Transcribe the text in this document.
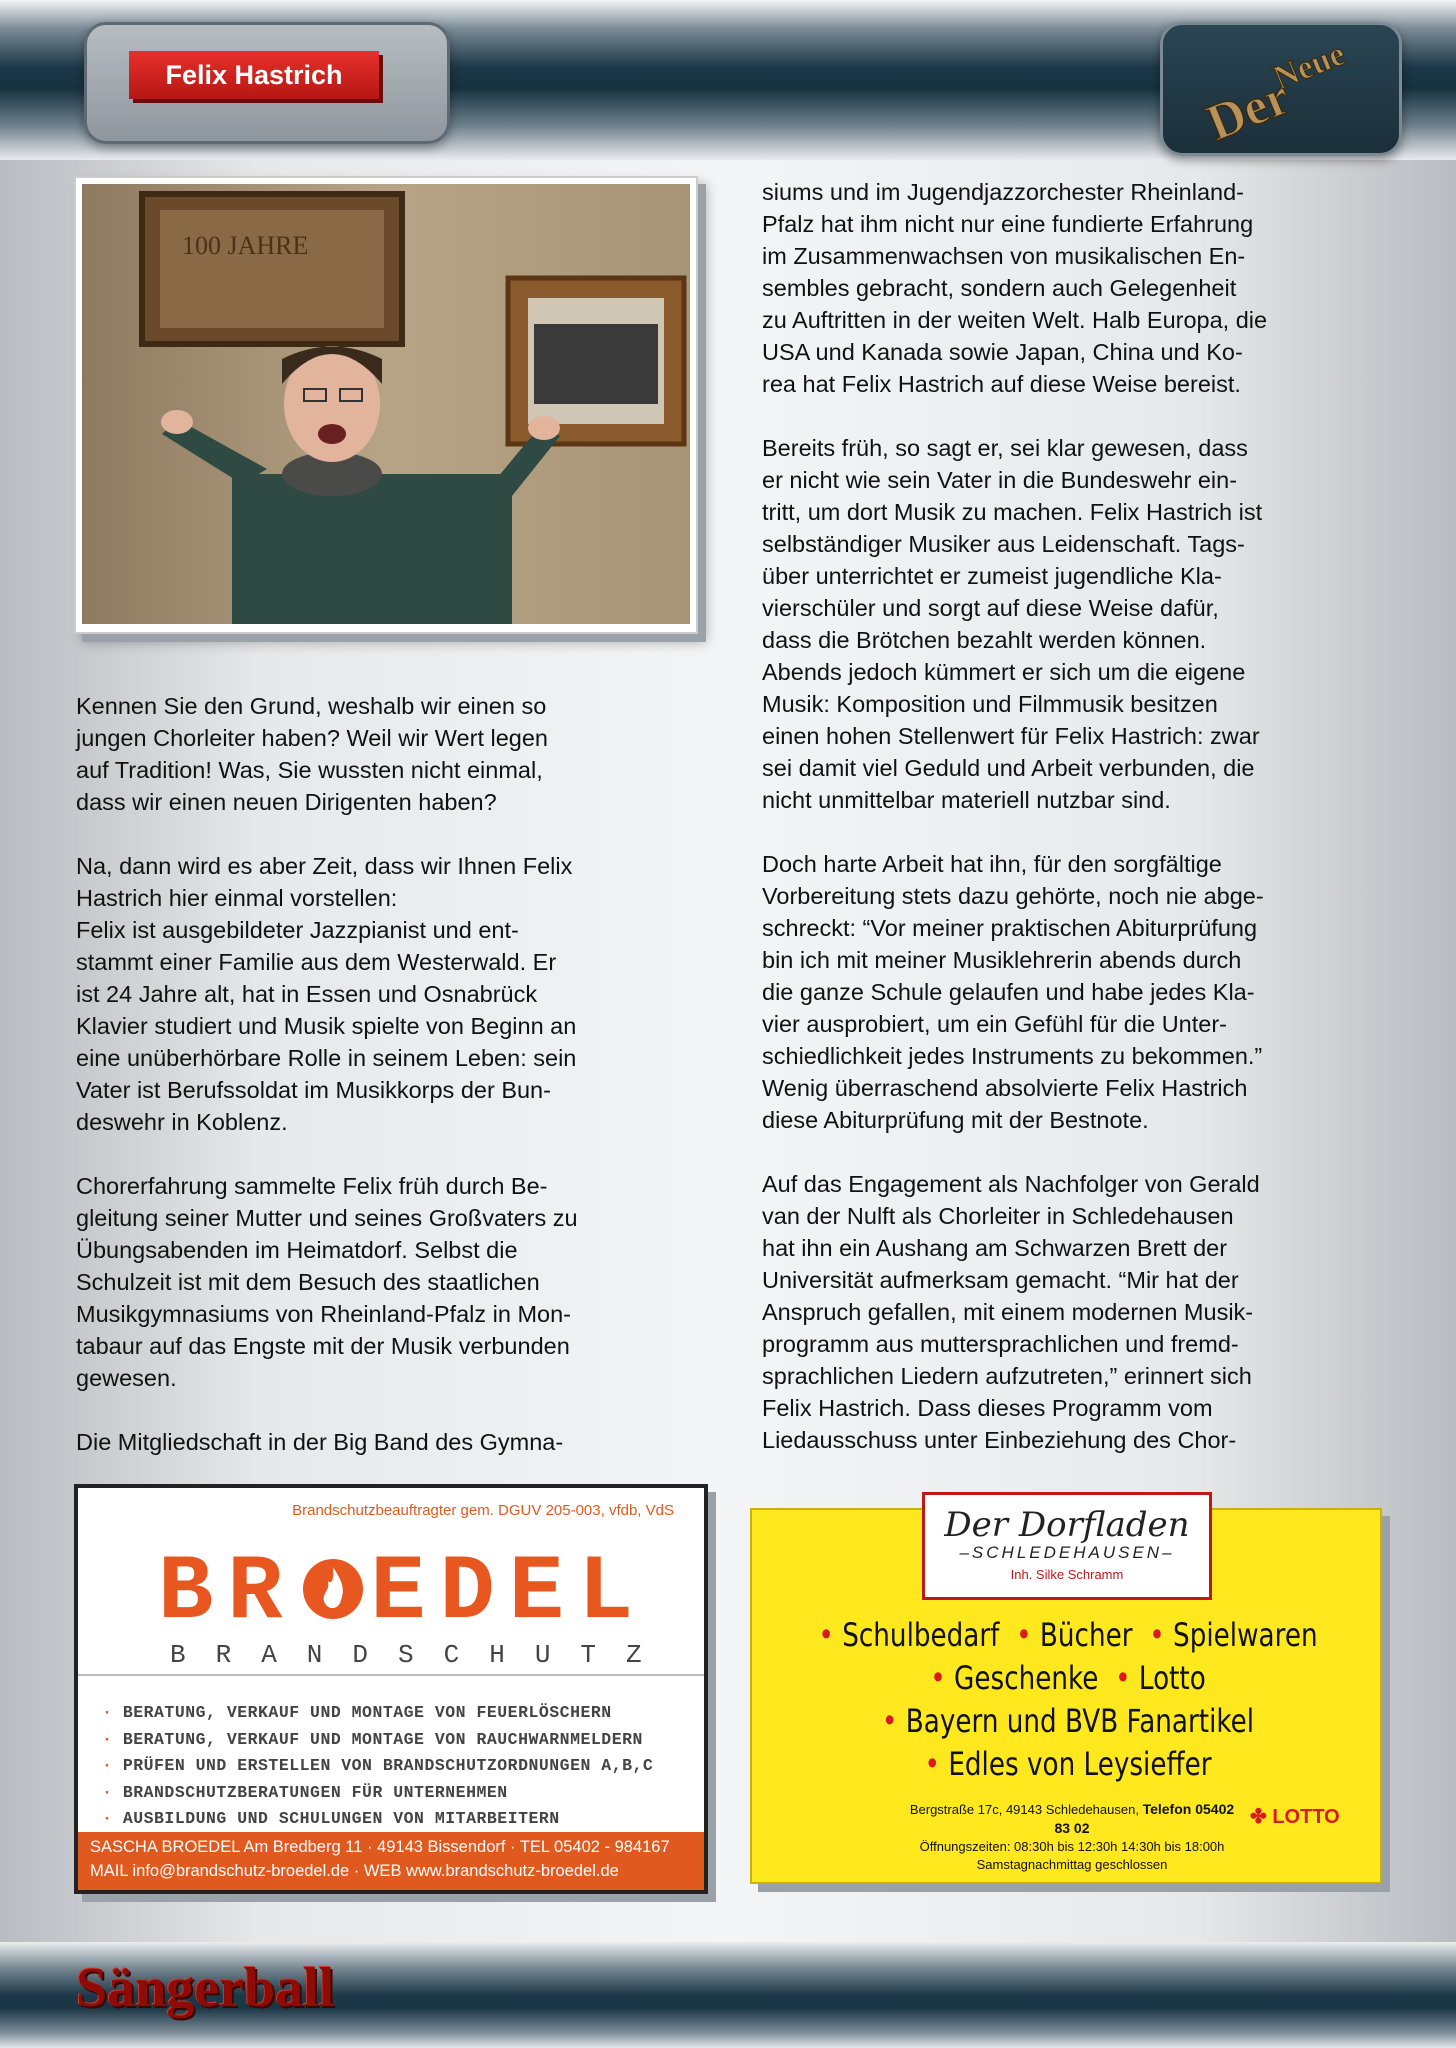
Felix Hastrich	Der
Neue
100 JAHRE

Kennen Sie den Grund, weshalb wir einen so
jungen Chorleiter haben? Weil wir Wert legen
auf Tradition! Was, Sie wussten nicht einmal,
dass wir einen neuen Dirigenten haben?

Na, dann wird es aber Zeit, dass wir Ihnen Felix
Hastrich hier einmal vorstellen:
Felix ist ausgebildeter Jazzpianist und ent-
stammt einer Familie aus dem Westerwald. Er
ist 24 Jahre alt, hat in Essen und Osnabrück
Klavier studiert und Musik spielte von Beginn an
eine unüberhörbare Rolle in seinem Leben: sein
Vater ist Berufssoldat im Musikkorps der Bun-
deswehr in Koblenz.

Chorerfahrung sammelte Felix früh durch Be-
gleitung seiner Mutter und seines Großvaters zu
Übungsabenden im Heimatdorf. Selbst die
Schulzeit ist mit dem Besuch des staatlichen
Musikgymnasiums von Rheinland-Pfalz in Mon-
tabaur auf das Engste mit der Musik verbunden
gewesen.

Die Mitgliedschaft in der Big Band des Gymna-

siums und im Jugendjazzorchester Rheinland-
Pfalz hat ihm nicht nur eine fundierte Erfahrung
im Zusammenwachsen von musikalischen En-
sembles gebracht, sondern auch Gelegenheit
zu Auftritten in der weiten Welt. Halb Europa, die
USA und Kanada sowie Japan, China und Ko-
rea hat Felix Hastrich auf diese Weise bereist.

Bereits früh, so sagt er, sei klar gewesen, dass
er nicht wie sein Vater in die Bundeswehr ein-
tritt, um dort Musik zu machen. Felix Hastrich ist
selbständiger Musiker aus Leidenschaft. Tags-
über unterrichtet er zumeist jugendliche Kla-
vierschüler und sorgt auf diese Weise dafür,
dass die Brötchen bezahlt werden können.
Abends jedoch kümmert er sich um die eigene
Musik: Komposition und Filmmusik besitzen
einen hohen Stellenwert für Felix Hastrich: zwar
sei damit viel Geduld und Arbeit verbunden, die
nicht unmittelbar materiell nutzbar sind.

Doch harte Arbeit hat ihn, für den sorgfältige
Vorbereitung stets dazu gehörte, noch nie abge-
schreckt: “Vor meiner praktischen Abiturprüfung
bin ich mit meiner Musiklehrerin abends durch
die ganze Schule gelaufen und habe jedes Kla-
vier ausprobiert, um ein Gefühl für die Unter-
schiedlichkeit jedes Instruments zu bekommen.”
Wenig überraschend absolvierte Felix Hastrich
diese Abiturprüfung mit der Bestnote.

Auf das Engagement als Nachfolger von Gerald
van der Nulft als Chorleiter in Schledehausen
hat ihn ein Aushang am Schwarzen Brett der
Universität aufmerksam gemacht. “Mir hat der
Anspruch gefallen, mit einem modernen Musik-
programm aus muttersprachlichen und fremd-
sprachlichen Liedern aufzutreten,” erinnert sich
Felix Hastrich. Dass dieses Programm vom
Liedausschuss unter Einbeziehung des Chor-

Brandschutzbeauftragter gem. DGUV 205-003, vfdb, VdS
BR EDEL
BRANDSCHUTZ
· BERATUNG, VERKAUF UND MONTAGE VON FEUERLÖSCHERN
· BERATUNG, VERKAUF UND MONTAGE VON RAUCHWARNMELDERN
· PRÜFEN UND ERSTELLEN VON BRANDSCHUTZORDNUNGEN A,B,C
· BRANDSCHUTZBERATUNGEN FÜR UNTERNEHMEN
· AUSBILDUNG UND SCHULUNGEN VON MITARBEITERN
SASCHA BROEDEL Am Bredberg 11 · 49143 Bissendorf · TEL 05402 - 984167
MAIL info@brandschutz-broedel.de · WEB www.brandschutz-broedel.de
Der Dorfladen
–SCHLEDEHAUSEN–
Inh. Silke Schramm
• Schulbedarf • Bücher • Spielwaren
• Geschenke • Lotto
• Bayern und BVB Fanartikel
• Edles von Leysieffer
Bergstraße 17c, 49143 Schledehausen, Telefon 05402 83 02
Öffnungszeiten: 08:30h bis 12:30h 14:30h bis 18:00h
Samstagnachmittag geschlossen
✤ LOTTO
Sängerball
